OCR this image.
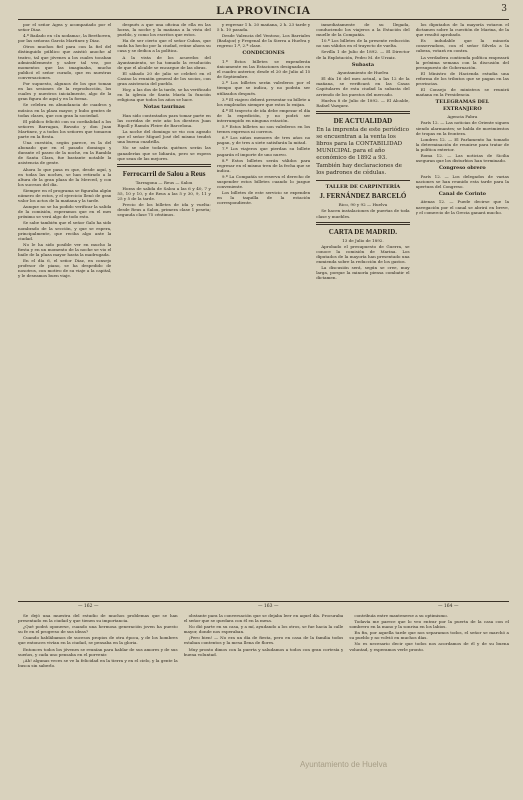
LA PROVINCIA	3

por el señor Agea y acompañado por el señor Diaz.

4.ª Bailado en «In nodama», la Beethoven, por las señoras García Martinez y Diaz.

Otros muchos fiel para con la fiel del distinguido público que asistió anoche al teatro, tal que jóvenes a los cuales tocaban admirablemente y saber tal vez, por momentos que las imaginaba, mucho publicó el señor curado, que en nuestras conversaciones.

Por supuesto, algunos de los que toman en las sesiones de la reproducción, los cuales y nuestros inicialmente, algo de la gran figura de aquí y en la forma.

Se celebra en abundancia de cuadros y música en la plaza mayor, y hubo gentes de todas clases, que con gran la sociedad.

El público felicitó con su cordialidad a los señores Barragan, Bavaño y don Juan Martinez, y a todos los señores que tomaron parte en la fiesta.

Una cuestión, según parece, es la del abonado que en el pasado domingo y durante el paseo de la noche, en la Rambla de Santa Clara, fue bastante notable la asistencia de gente.

Ahora lo que pasa es que, desde aquí, y en todas las noches, se han retirado a la altura de la gran plaza de la Merced, y con los sucesos del día.

Siempre en el programa se figuraba algún número de estos, y el ejercicio llenó de gran valor los actos de la mañana y la tarde.

Aunque no se ha podido verificar la salida de la comisión, esperamos que en el mes próximo se verá algo de todo esto.

Se sabe también que el señor Galo ha sido nombrado de la sección, y que se espera, principalmente, que reciba algo ante la ciudad.

No le ha sido posible ver en mucho la fiesta y en un momento de la noche se vio el baile de la plaza mayor hasta la madrugada.

En el día 6, el señor Diaz, en consejo profesor de piano, se ha despedido de nosotros, con motivo de su viaje a la capital, y le deseamos buen viaje.

después a que una oficina de ella en las horas, la noche y la mañana a la vista del pueblo, y como los escritos que estos.

Ha de ser cierto que el señor Cubas, que nada ha hecho por la ciudad, reúne ahora su casa y se dedica a la política.

A la vista de los acuerdos del Ayuntamiento, se ha tomado la resolución de que el alcalde se encargue de las obras.

El sábado 20 de julio se celebró en el Casino la reunión general de los socios, con gran asistencia del pueblo.

Hoy, a las dos de la tarde, se ha verificado en la iglesia de Santa María la función religiosa que todos los años se hace.

Notas taurinas

Han sido contratados para tomar parte en las corridas de este año los diestros Juan Ripoll y Ramón Fleire de Barcelona.

La noche del domingo se vio con agrado que el señor Miguel José del mismo tendrá una buena cuadrilla.

No se sabe todavía quiénes serán las ganaderías que se lidiarán, pero se espera que sean de las mejores.

Ferrocarril de Salou a Reus

Tarragona — Reus — Salou

Horas de salida de Salou a las 6 y 40, 7 y 55, 10 y 10, y de Reus a las 5 y 30, 9, 11 y 25 y 5 de la tarde.

Precio de los billetes de ida y vuelta: desde Reus a Salou, primera clase 1 peseta; segunda clase 75 céntimos.

y regresar 1 h. 20 mañana, 2 h. 23 tarde y 5 h. 10 pasada.

Desde Valencia del Ventoso, Los Barriales (Badajoz) y Fregenal de la Sierra a Huelva y regreso 1.ª, 2.ª clase.

CONDICIONES

1.ª Estos billetes se expenderán únicamente en las Estaciones designadas en el cuadro anterior, desde el 20 de Julio al 15 de Septiembre.

2.ª Los billetes serán valederos por el tiempo que se indica, y no podrán ser utilizados después.

3.ª El viajero deberá presentar su billete a los empleados siempre que estos lo exijan.

4.ª El trayecto de ida debe empezar el día de la expedición, y no podrá ser interrumpido en ninguna estación.

5.ª Estos billetes no son valederos en los trenes expresos ni correos.

6.ª Los niños menores de tres años no pagan, y de tres a siete satisfarán la mitad.

7.ª Los viajeros que pierdan su billete pagarán el importe de uno nuevo.

8.ª Estos billetes serán válidos para regresar en el mismo tren de la fecha que se indica.

9.ª La Compañía se reserva el derecho de suspender estos billetes cuando lo juzgue conveniente.

Los billetes de este servicio se expenden en la taquilla de la estación correspondiente.

inmediatamente de su llegada, conduciendo los viajeros a la Estación del muelle de la Compañía.

10.ª Los billetes de la presente reducción no son válidos en el trayecto de vuelta.

Sevilla 1 de Julio de 1892. — El Director de la Explotación, Pedro M. de Urzaiz.

Subasta

Ayuntamiento de Huelva

El día 16 del mes actual, a las 12 de la mañana, se verificará en las Casas Capitulares de esta ciudad la subasta del arriendo de los puestos del mercado.

Huelva 8 de Julio de 1892. — El Alcalde, Rafael Vazquez.

DE ACTUALIDAD

En la imprenta de este periódico se encuentran a la venta los libros para la CONTABILIDAD MUNICIPAL para el año económico de 1892 a 93.

También hay declaraciones de los padrones de cédulas.

TALLER DE CARPINTERÍA

J. FERNÁNDEZ BARCELÓ

Rico, 90 y 92 — Huelva

Se hacen instalaciones de puertas de toda clase y muebles.

CARTA DE MADRID.

13 de Julio de 1892.

Aprobado el presupuesto de Guerra, se conoce la comisión de Marina. Los diputados de la mayoría han presentado una enmienda sobre la reducción de los gastos.

La discusión será, según se cree, muy larga, porque la minoría piensa combatir el dictamen.

los diputados de la mayoría votaron el dictamen sobre la cuestión de Marina, de la que resultó aprobado.

Es indudable que la minoría conservadora, con el señor Silvela a la cabeza, votará en contra.

La verdadera contienda política empezará la próxima semana con la discusión del presupuesto de Gobernación.

El Ministro de Hacienda estudia una reforma de los tributos que se pagan en las provincias.

El Consejo de ministros se reunirá mañana en la Presidencia.

TELEGRAMAS DEL EXTRANJERO

Agencia Fabra

París 12. — Las noticias de Oriente siguen siendo alarmantes; se habla de movimientos de tropas en la frontera.

Londres 12. — El Parlamento ha tomado la determinación de reunirse para tratar de la política exterior.

Roma 12. — Las noticias de Sicilia aseguran que los disturbios han terminado.

Congreso obrero

París 12. — Los delegados de varias naciones se han reunido esta tarde para la apertura del Congreso.

Canal de Corinto

Atenas 12. — Puede decirse que la navegación por el canal se abrirá en breve, y el comercio de la Grecia ganará mucho.

— 162 —	— 163 —	— 164 —

Se dejó una muestra del estudio de muchos problemas que se han presentado en la ciudad y que tienen su importancia.

¿Qué podrá oponerse, cuando una hermosa generación joven ha puesto su fe en el progreso de sus ideas?

Cuando hablábamos de sucesos propios de otra época, y de los hombres que entonces vivían en la ciudad, se pensaba en la gloria.

Entonces todos los jóvenes se reunían para hablar de sus amores y de sus sueños, y cada uno pensaba en el porvenir.

¡Ah! algunas veces se ve la felicidad en la tierra y en el cielo, y la gente la busca sin saberlo.

obstante para la conversación que se dejaba leer en aquel día. Procuraba el señor que se quedara con él en la mesa.

No dió parte en su casa, y a mí, ayudando a los otros, se fue hacia la calle mayor, donde nos esperaban.

¡Pero bien! — No era un día de fiesta, pero en casa de la familia todos estaban contentos y la mesa llena de flores.

Muy pronto dimos con la puerta y saludamos a todos con gran cortesía y buena voluntad.

contribuía entre mantenerse a su optimismo.

Todavía me parece que lo veo entrar por la puerta de la casa con el sombrero en la mano y la sonrisa en los labios.

En fin, por aquella tarde que nos separamos todos, el señor se marchó a su pueblo y no volvió en muchos días.

No es necesario decir que todos nos acordamos de él y de su buena voluntad, y esperamos verle pronto.

Ayuntamiento de Huelva
